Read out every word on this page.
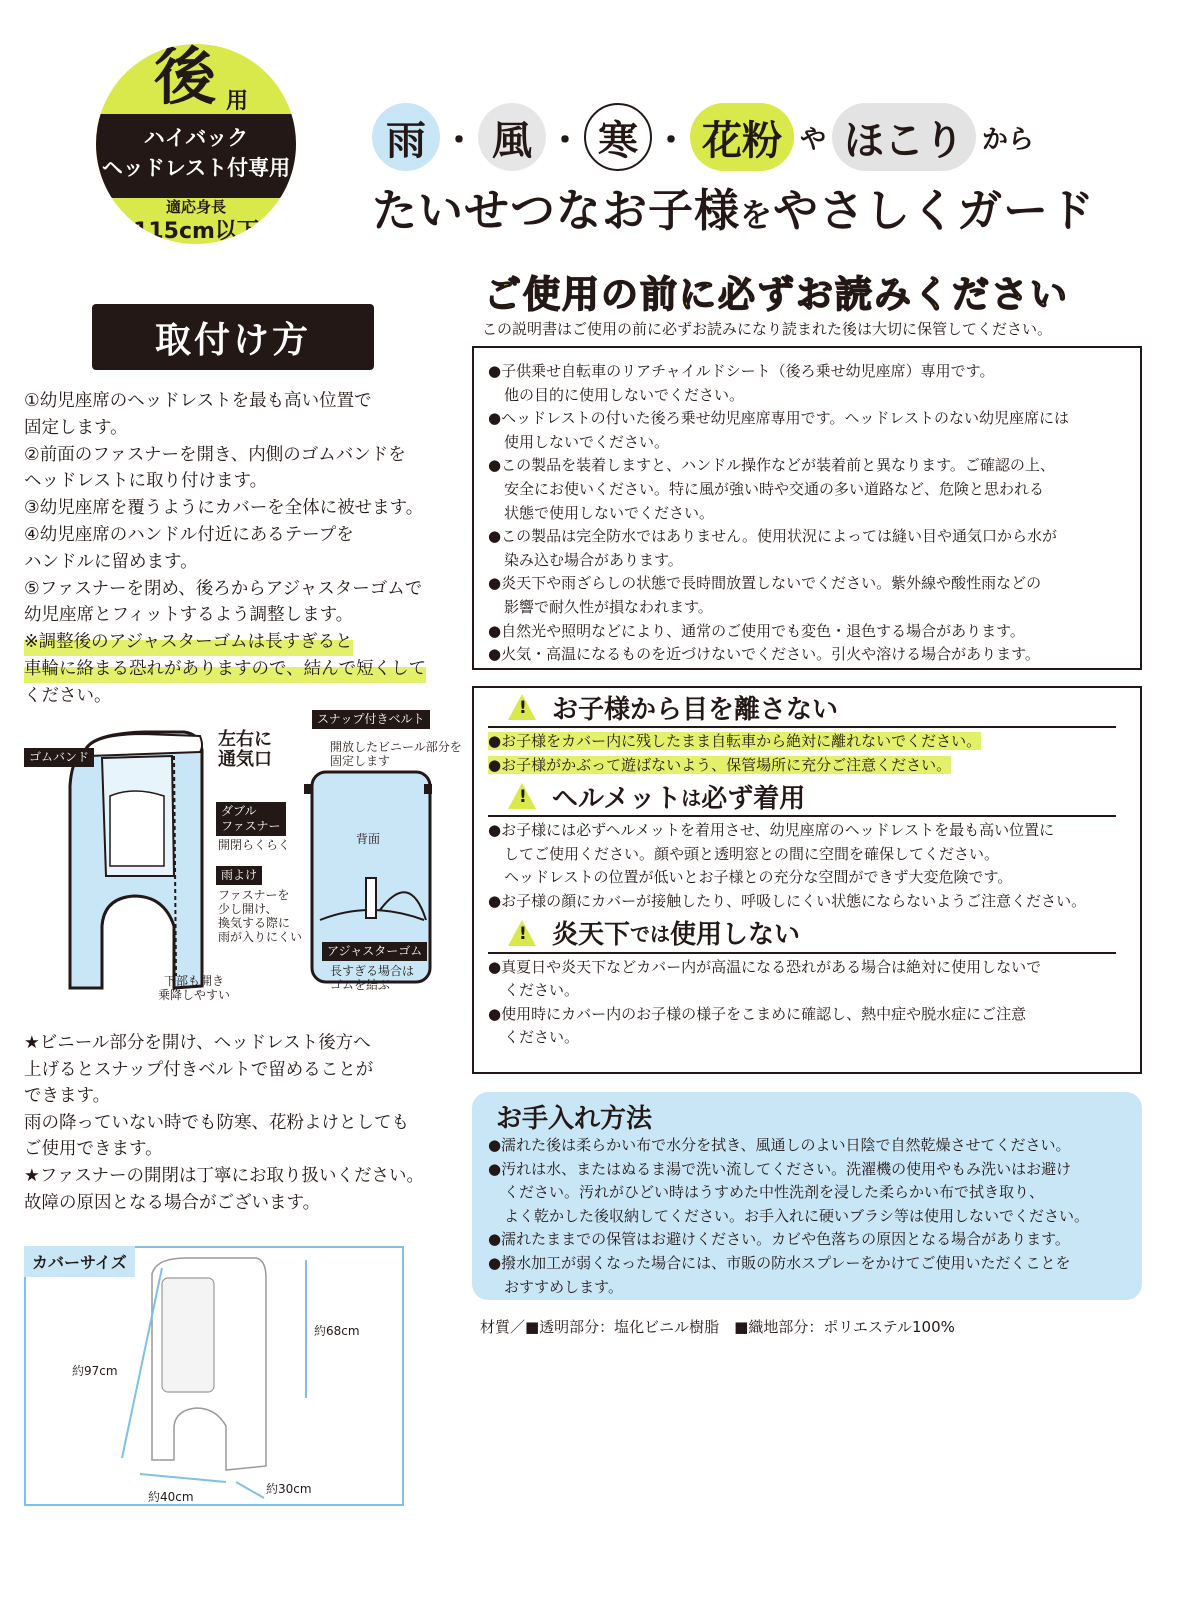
後 用
ハイバック
ヘッドレスト付専用
適応身長
115cm以下
雨 ・ 風 ・ 寒 ・ 花粉 や ほこり から
たいせつなお子様をやさしくガード
ご使用の前に必ずお読みください
この説明書はご使用の前に必ずお読みになり読まれた後は大切に保管してください。
●子供乗せ自転車のリアチャイルドシート（後ろ乗せ幼児座席）専用です。
他の目的に使用しないでください。
●ヘッドレストの付いた後ろ乗せ幼児座席専用です。ヘッドレストのない幼児座席には
使用しないでください。
●この製品を装着しますと、ハンドル操作などが装着前と異なります。ご確認の上、
安全にお使いください。特に風が強い時や交通の多い道路など、危険と思われる
状態で使用しないでください。
●この製品は完全防水ではありません。使用状況によっては縫い目や通気口から水が
染み込む場合があります。
●炎天下や雨ざらしの状態で長時間放置しないでください。紫外線や酸性雨などの
影響で耐久性が損なわれます。
●自然光や照明などにより、通常のご使用でも変色・退色する場合があります。
●火気・高温になるものを近づけないでください。引火や溶ける場合があります。
取付け方
①幼児座席のヘッドレストを最も高い位置で
固定します。
②前面のファスナーを開き、内側のゴムバンドを
ヘッドレストに取り付けます。
③幼児座席を覆うようにカバーを全体に被せます。
④幼児座席のハンドル付近にあるテープを
ハンドルに留めます。
⑤ファスナーを閉め、後ろからアジャスターゴムで
幼児座席とフィットするよう調整します。
※調整後のアジャスターゴムは長すぎると 車輪に絡まる恐れがありますので、結んで短くして
ください。
ゴムバンド
左右に
通気口
ダブル
ファスナー
開閉らくらく
雨よけ
ファスナーを
少し開け、
換気する際に
雨が入りにくい
下部も開き
乗降しやすい
スナップ付きベルト
開放したビニール部分を
固定します
背面
アジャスターゴム
長すぎる場合は
ゴムを結ぶ
★ビニール部分を開け、ヘッドレスト後方へ
上げるとスナップ付きベルトで留めることが
できます。
雨の降っていない時でも防寒、花粉よけとしても
ご使用できます。
★ファスナーの開閉は丁寧にお取り扱いください。
故障の原因となる場合がございます。
カバーサイズ
約68cm
約97cm
約40cm
約30cm
!
お子様から目を離さない
●お子様をカバー内に残したまま自転車から絶対に離れないでください。
●お子様がかぶって遊ばないよう、保管場所に充分ご注意ください。
!
ヘルメット は 必ず着用
●お子様には必ずヘルメットを着用させ、幼児座席のヘッドレストを最も高い位置に
してご使用ください。顔や頭と透明窓との間に空間を確保してください。
ヘッドレストの位置が低いとお子様との充分な空間ができず大変危険です。
●お子様の顔にカバーが接触したり、呼吸しにくい状態にならないようご注意ください。
!
炎天下 では 使用しない
●真夏日や炎天下などカバー内が高温になる恐れがある場合は絶対に使用しないで
ください。
●使用時にカバー内のお子様の様子をこまめに確認し、熱中症や脱水症にご注意
ください。
お手入れ方法
●濡れた後は柔らかい布で水分を拭き、風通しのよい日陰で自然乾燥させてください。
●汚れは水、またはぬるま湯で洗い流してください。洗濯機の使用やもみ洗いはお避け
ください。汚れがひどい時はうすめた中性洗剤を浸した柔らかい布で拭き取り、
よく乾かした後収納してください。お手入れに硬いブラシ等は使用しないでください。
●濡れたままでの保管はお避けください。カビや色落ちの原因となる場合があります。
●撥水加工が弱くなった場合には、市販の防水スプレーをかけてご使用いただくことを
おすすめします。
材質／■透明部分：塩化ビニル樹脂　■織地部分：ポリエステル100%
